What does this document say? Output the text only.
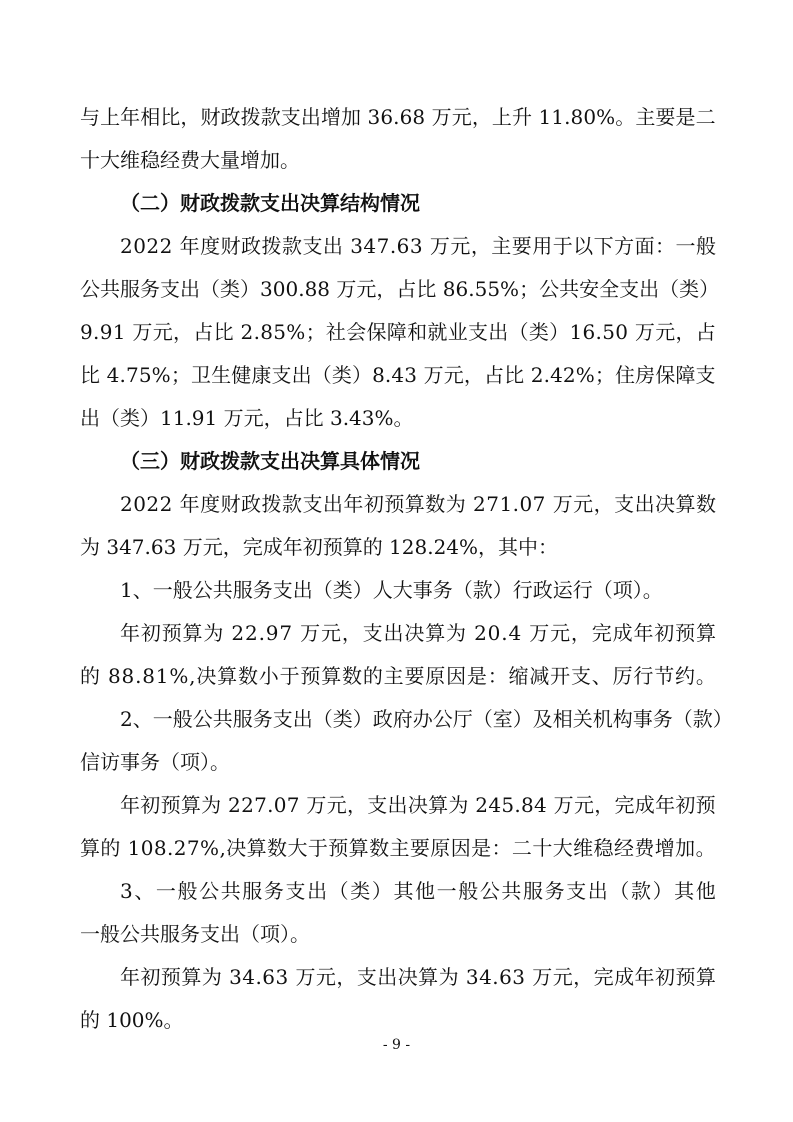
与 上 年 相 比 ， 财 政 拨 款 支 出 增 加
3 6 . 6 8
万 元 ， 上 升
1 1 . 8 0 % 。 主 要 是 二
十大维稳经费大量增加。
（二）财政拨款支出决算结构情况
2 0 2 2
年 度 财 政 拨 款 支 出
3 4 7 . 6 3
万 元 ， 主 要 用 于 以 下 方 面 ： 一 般
公 共 服 务 支 出 （ 类 ） 3 0 0 . 8 8
万 元 ， 占 比
8 6 . 5 5 % ； 公 共 安 全 支 出 （ 类 ）
9 . 9 1
万 元 ， 占 比
2 . 8 5 % ； 社 会 保 障 和 就 业 支 出 （ 类 ） 1 6 . 5 0
万 元 ， 占
比
4 . 7 5 % ； 卫 生 健 康 支 出 （ 类 ） 8 . 4 3
万 元 ， 占 比
2 . 4 2 % ； 住 房 保 障 支
出（类）11.91 万元，占比 3.43%。
（三）财政拨款支出决算具体情况
2 0 2 2
年 度 财 政 拨 款 支 出 年 初 预 算 数 为
2 7 1 . 0 7
万 元 ， 支 出 决 算 数
为 347.63 万元，完成年初预算的 128.24%，其中：
1、一般公共服务支出（类）人大事务（款）行政运行（项）。
年 初 预 算 为
2 2 . 9 7
万 元 ， 支 出 决 算 为
2 0 . 4
万 元 ， 完 成 年 初 预 算
的
8 8 . 8 1 % , 决 算 数 小 于 预 算 数 的 主 要 原 因 是 ： 缩 减 开 支 、 厉 行 节 约 。
2 、 一 般 公 共 服 务 支 出 （ 类 ） 政 府 办 公 厅 （ 室 ） 及 相 关 机 构 事 务 （ 款 ）
信访事务（项）。
年 初 预 算 为
2 2 7 . 0 7
万 元 ， 支 出 决 算 为
2 4 5 . 8 4
万 元 ， 完 成 年 初 预
算 的
1 0 8 . 2 7 % , 决 算 数 大 于 预 算 数 主 要 原 因 是 ： 二 十 大 维 稳 经 费 增 加 。
3 、 一 般 公 共 服 务 支 出 （ 类 ） 其 他 一 般 公 共 服 务 支 出 （ 款 ） 其 他
一般公共服务支出（项）。
年 初 预 算 为
3 4 . 6 3
万 元 ， 支 出 决 算 为
3 4 . 6 3
万 元 ， 完 成 年 初 预 算
的 100%。
- 9 -
